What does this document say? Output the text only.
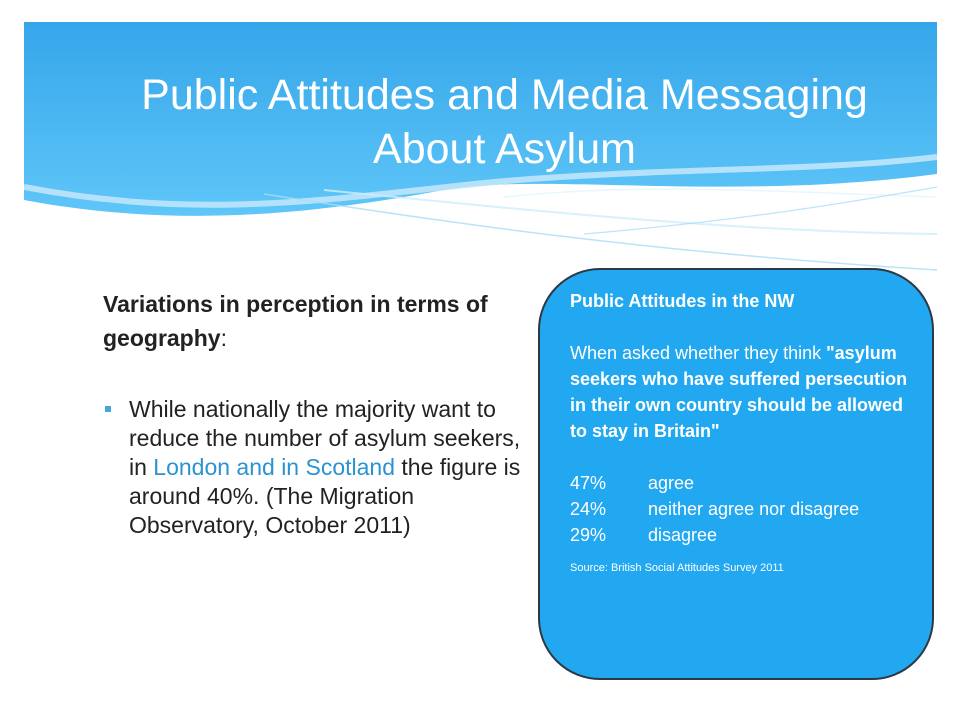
Public Attitudes and Media Messaging
About Asylum

Variations in perception in terms of geography:

While nationally the majority want to reduce the number of asylum seekers, in London and in Scotland the figure is around 40%. (The Migration Observatory, October 2011)

Public Attitudes in the NW

When asked whether they think "asylum seekers who have suffered persecution in their own country should be allowed to stay in Britain"

47%	agree
24%	neither agree nor disagree
29%	disagree
Source: British Social Attitudes Survey 2011
